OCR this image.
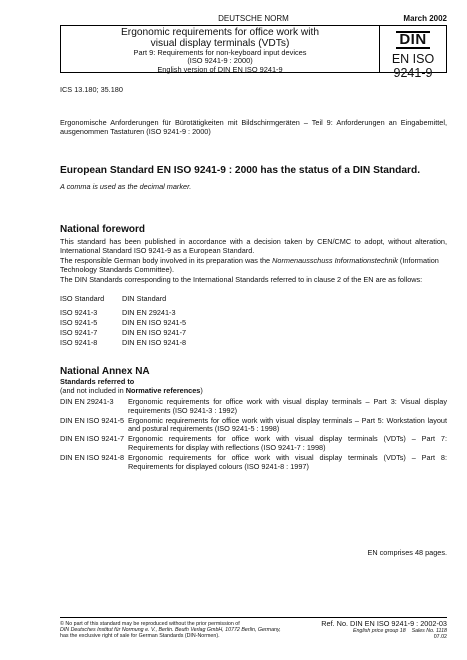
DEUTSCHE NORM	March 2002
Ergonomic requirements for office work with
visual display terminals (VDTs)
Part 9: Requirements for non-keyboard input devices
(ISO 9241-9 : 2000)
English version of DIN EN ISO 9241-9
DIN
EN ISO 9241-9
ICS 13.180; 35.180
Ergonomische Anforderungen für Bürotätigkeiten mit Bildschirmgeräten – Teil 9: Anforderungen an Eingabemittel, ausgenommen Tastaturen (ISO 9241-9 : 2000)
European Standard EN ISO 9241-9 : 2000 has the status of a DIN Standard.
A comma is used as the decimal marker.
National foreword
This standard has been published in accordance with a decision taken by CEN/CMC to adopt, without alteration, International Standard ISO 9241-9 as a European Standard.
The responsible German body involved in its preparation was the Normenausschuss Informationstechnik (Information Technology Standards Committee).
The DIN Standards corresponding to the International Standards referred to in clause 2 of the EN are as follows:
ISO Standard	DIN Standard
ISO 9241-3	DIN EN 29241-3
ISO 9241-5	DIN EN ISO 9241-5
ISO 9241-7	DIN EN ISO 9241-7
ISO 9241-8	DIN EN ISO 9241-8
National Annex NA
Standards referred to
(and not included in Normative references)
DIN EN 29241-3	Ergonomic requirements for office work with visual display terminals – Part 3: Visual display requirements (ISO 9241-3 : 1992)
DIN EN ISO 9241-5 Ergonomic requirements for office work with visual display terminals – Part 5: Workstation layout and postural requirements (ISO 9241-5 : 1998)
DIN EN ISO 9241-7 Ergonomic requirements for office work with visual display terminals (VDTs) – Part 7: Requirements for display with reflections (ISO 9241-7 : 1998)
DIN EN ISO 9241-8 Ergonomic requirements for office work with visual display terminals (VDTs) – Part 8: Requirements for displayed colours (ISO 9241-8 : 1997)
EN comprises 48 pages.
© No part of this standard may be reproduced without the prior permission of
DIN Deutsches Institut für Normung e. V., Berlin. Beuth Verlag GmbH, 10772 Berlin, Germany,
has the exclusive right of sale for German Standards (DIN-Normen).
Ref. No. DIN EN ISO 9241-9 : 2002-03
English price group 18 Sales No. 1118
07.02
